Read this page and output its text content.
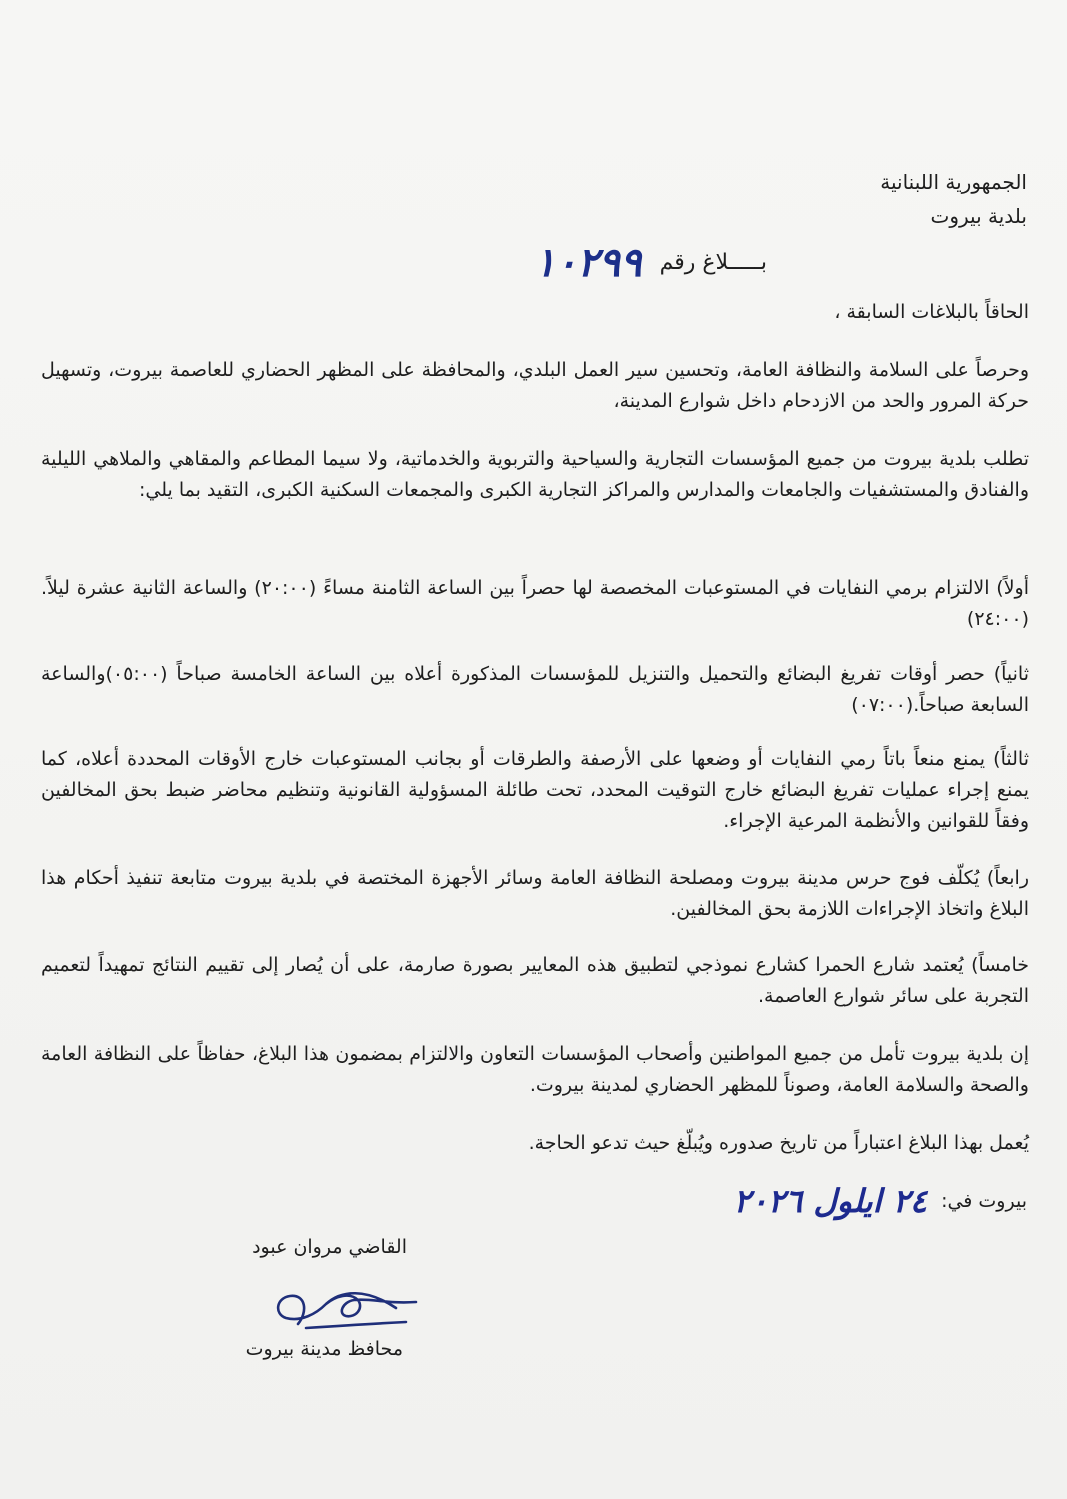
الجمهورية اللبنانية
بلدية بيروت
بـــــلاغ رقم
١٠٢٩٩
الحاقاً بالبلاغات السابقة ،
وحرصاً على السلامة والنظافة العامة، وتحسين سير العمل البلدي، والمحافظة على المظهر الحضاري للعاصمة بيروت، وتسهيل حركة المرور والحد من الازدحام داخل شوارع المدينة،
تطلب بلدية بيروت من جميع المؤسسات التجارية والسياحية والتربوية والخدماتية، ولا سيما المطاعم والمقاهي والملاهي الليلية والفنادق والمستشفيات والجامعات والمدارس والمراكز التجارية الكبرى والمجمعات السكنية الكبرى، التقيد بما يلي:
أولاً) الالتزام برمي النفايات في المستوعبات المخصصة لها حصراً بين الساعة الثامنة مساءً (٢٠:٠٠) والساعة الثانية عشرة ليلاً.(٢٤:٠٠)
ثانياً) حصر أوقات تفريغ البضائع والتحميل والتنزيل للمؤسسات المذكورة أعلاه بين الساعة الخامسة صباحاً (٠٥:٠٠)والساعة السابعة صباحاً.(٠٧:٠٠)
ثالثاً) يمنع منعاً باتاً رمي النفايات أو وضعها على الأرصفة والطرقات أو بجانب المستوعبات خارج الأوقات المحددة أعلاه، كما يمنع إجراء عمليات تفريغ البضائع خارج التوقيت المحدد، تحت طائلة المسؤولية القانونية وتنظيم محاضر ضبط بحق المخالفين وفقاً للقوانين والأنظمة المرعية الإجراء.
رابعاً) يُكلّف فوج حرس مدينة بيروت ومصلحة النظافة العامة وسائر الأجهزة المختصة في بلدية بيروت متابعة تنفيذ أحكام هذا البلاغ واتخاذ الإجراءات اللازمة بحق المخالفين.
خامساً) يُعتمد شارع الحمرا كشارع نموذجي لتطبيق هذه المعايير بصورة صارمة، على أن يُصار إلى تقييم النتائج تمهيداً لتعميم التجربة على سائر شوارع العاصمة.
إن بلدية بيروت تأمل من جميع المواطنين وأصحاب المؤسسات التعاون والالتزام بمضمون هذا البلاغ، حفاظاً على النظافة العامة والصحة والسلامة العامة، وصوناً للمظهر الحضاري لمدينة بيروت.
يُعمل بهذا البلاغ اعتباراً من تاريخ صدوره ويُبلّغ حيث تدعو الحاجة.
بيروت في:
٢٤ ايلول ٢٠٢٦
القاضي مروان عبود
محافظ مدينة بيروت
